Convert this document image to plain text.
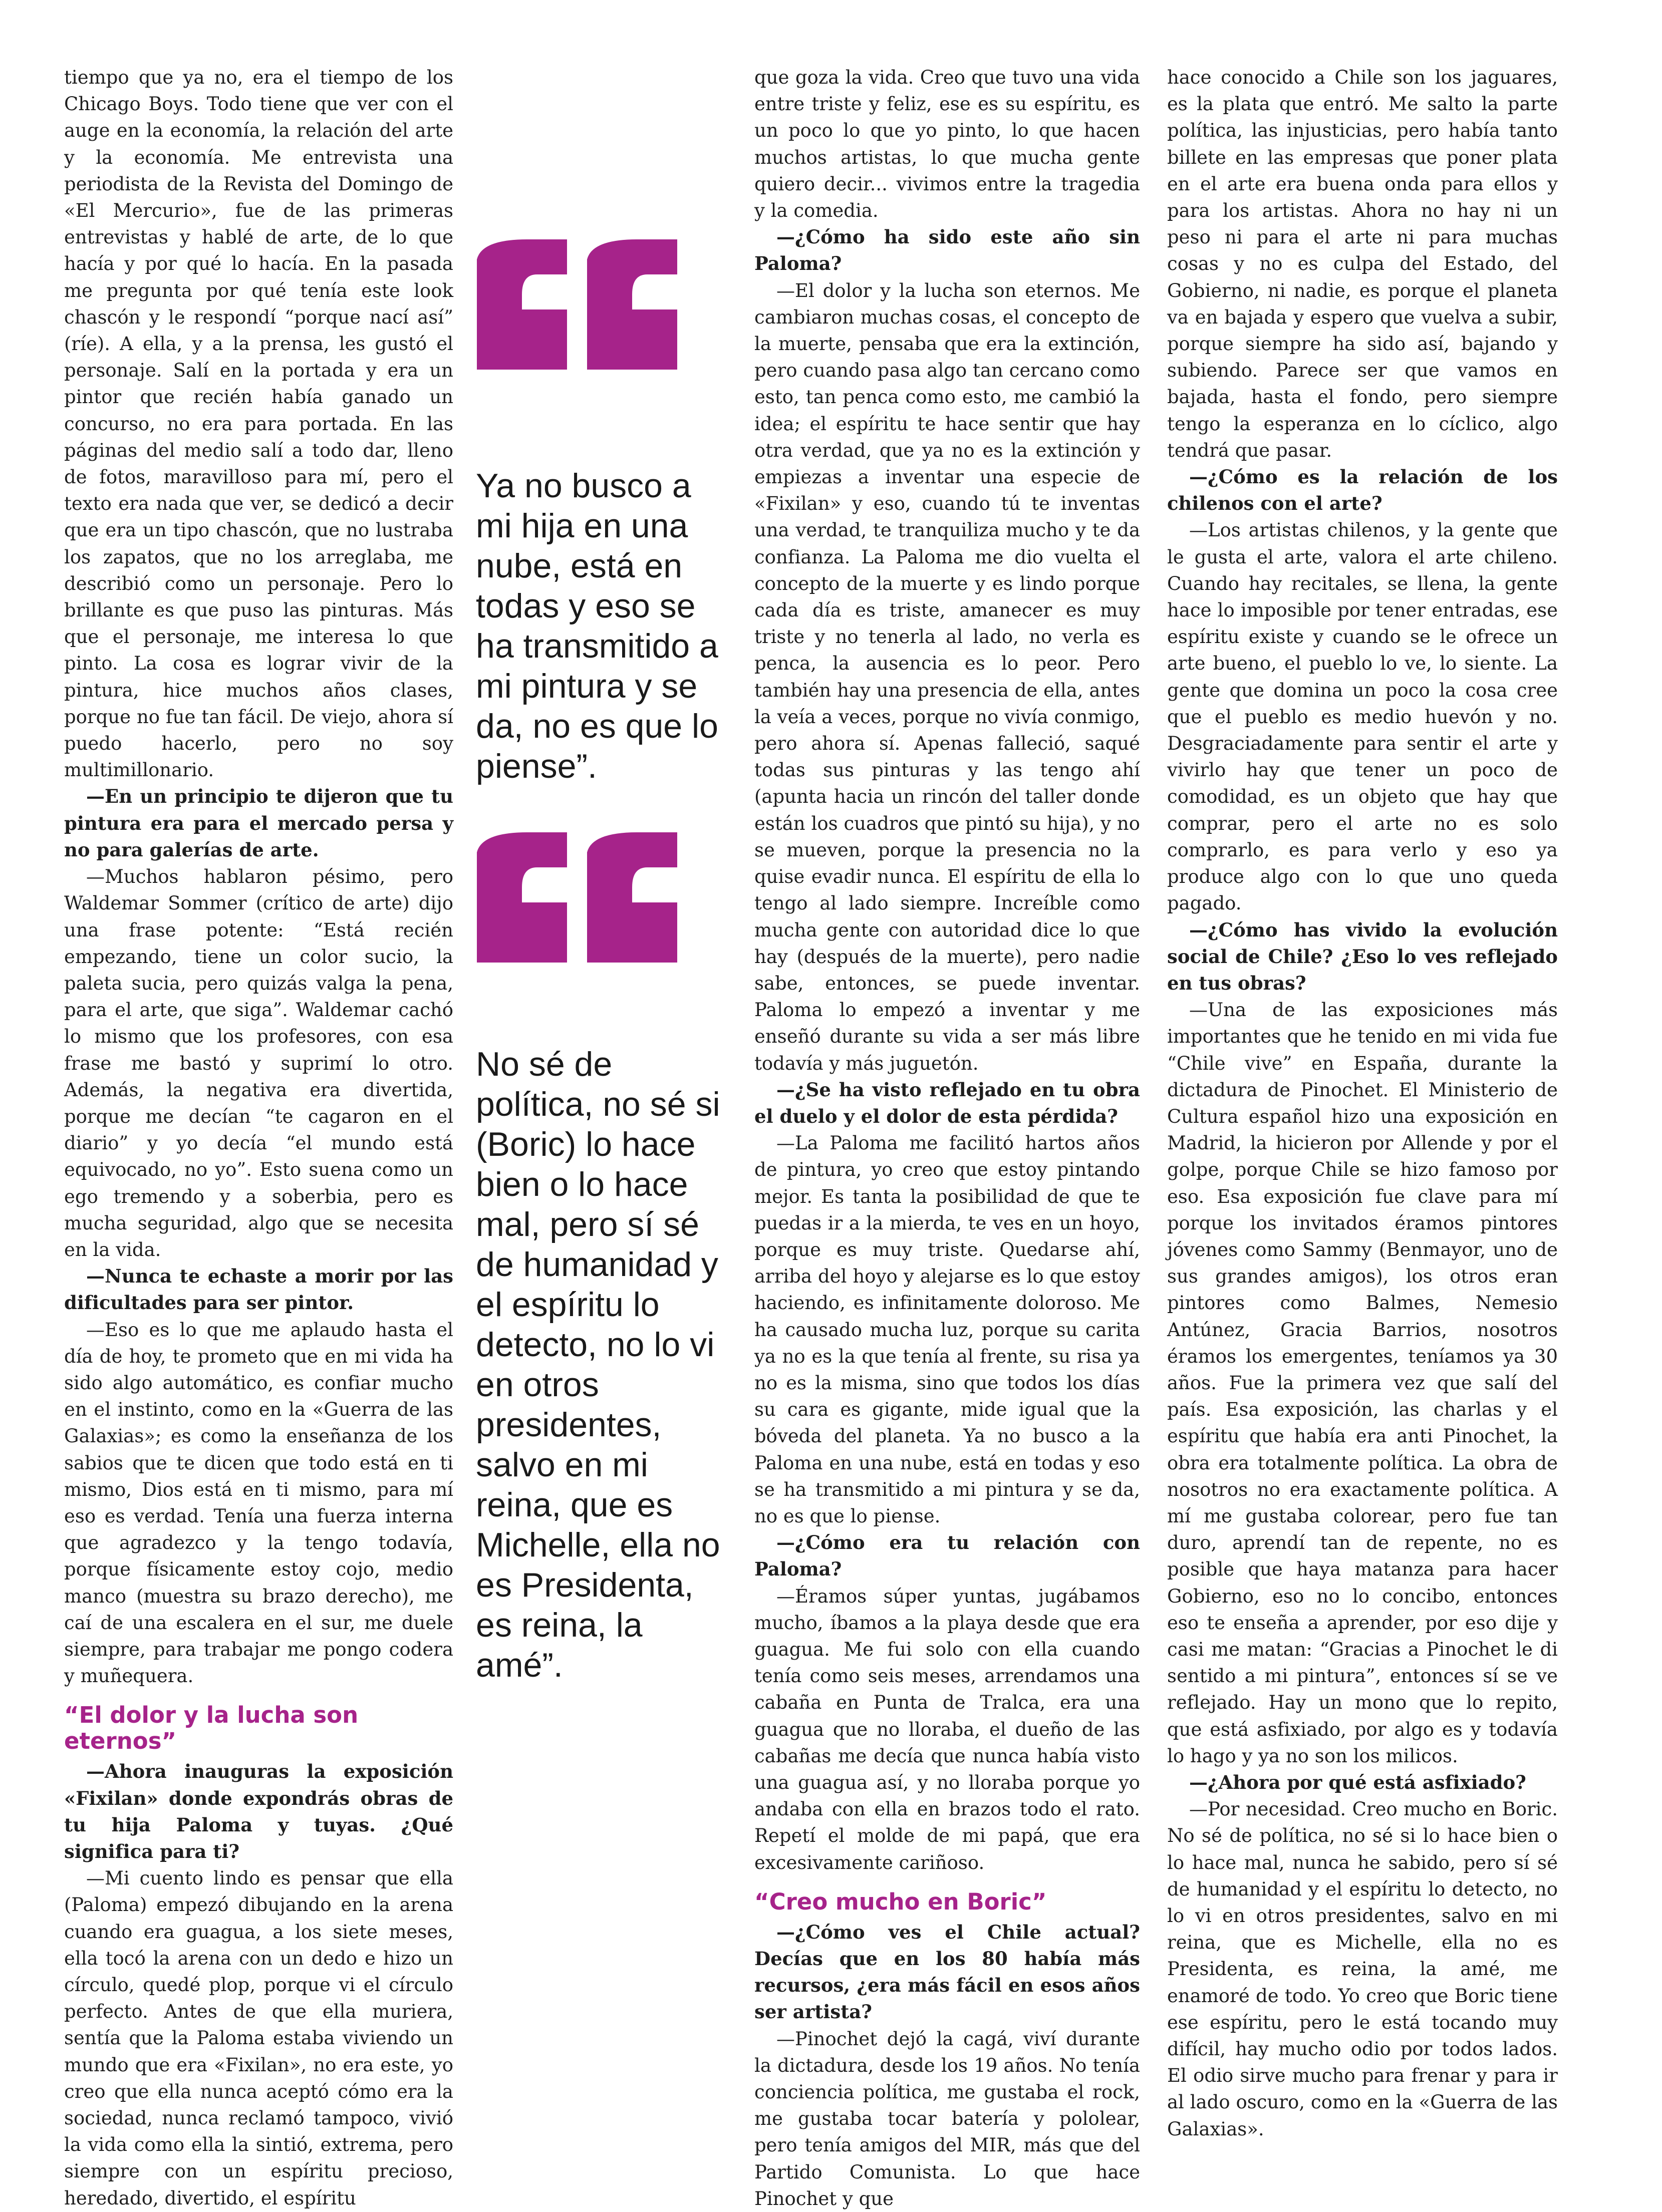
tiempo que ya no, era el tiempo de los Chicago Boys. Todo tiene que ver con el auge en la economía, la relación del arte y la economía. Me entrevista una periodista de la Revista del Domingo de «El Mercurio», fue de las primeras entrevistas y hablé de arte, de lo que hacía y por qué lo hacía. En la pasada me pregunta por qué tenía este look chascón y le respondí “porque nací así” (ríe). A ella, y a la prensa, les gustó el personaje. Salí en la portada y era un pintor que recién había ganado un concurso, no era para portada. En las páginas del medio salí a todo dar, lleno de fotos, maravilloso para mí, pero el texto era nada que ver, se dedicó a decir que era un tipo chascón, que no lustraba los zapatos, que no los arreglaba, me describió como un personaje. Pero lo brillante es que puso las pinturas. Más que el personaje, me interesa lo que pinto. La cosa es lograr vivir de la pintura, hice muchos años clases, porque no fue tan fácil. De viejo, ahora sí puedo hacerlo, pero no soy multimillonario.

—En un principio te dijeron que tu pintura era para el mercado persa y no para galerías de arte.

—Muchos hablaron pésimo, pero Waldemar Sommer (crítico de arte) dijo una frase potente: “Está recién empezando, tiene un color sucio, la paleta sucia, pero quizás valga la pena, para el arte, que siga”. Waldemar cachó lo mismo que los profesores, con esa frase me bastó y suprimí lo otro. Además, la negativa era divertida, porque me decían “te cagaron en el diario” y yo decía “el mundo está equivocado, no yo”. Esto suena como un ego tremendo y a soberbia, pero es mucha seguridad, algo que se necesita en la vida.

—Nunca te echaste a morir por las dificultades para ser pintor.

—Eso es lo que me aplaudo hasta el día de hoy, te prometo que en mi vida ha sido algo automático, es confiar mucho en el instinto, como en la «Guerra de las Galaxias»; es como la enseñanza de los sabios que te dicen que todo está en ti mismo, Dios está en ti mismo, para mí eso es verdad. Tenía una fuerza interna que agradezco y la tengo todavía, porque físicamente estoy cojo, medio manco (muestra su brazo derecho), me caí de una escalera en el sur, me duele siempre, para trabajar me pongo codera y muñequera.

“El dolor y la lucha son eternos”

—Ahora inauguras la exposición «Fixilan» donde expondrás obras de tu hija Paloma y tuyas. ¿Qué significa para ti?

—Mi cuento lindo es pensar que ella (Paloma) empezó dibujando en la arena cuando era guagua, a los siete meses, ella tocó la arena con un dedo e hizo un círculo, quedé plop, porque vi el círculo perfecto. Antes de que ella muriera, sentía que la Paloma estaba viviendo un mundo que era «Fixilan», no era este, yo creo que ella nunca aceptó cómo era la sociedad, nunca reclamó tampoco, vivió la vida como ella la sintió, extrema, pero siempre con un espíritu precioso, heredado, divertido, el espíritu

Ya no busco a mi hija en una nube, está en todas y eso se ha transmitido a mi pintura y se da, no es que lo piense”.
No sé de política, no sé si (Boric) lo hace bien o lo hace mal, pero sí sé de humanidad y el espíritu lo detecto, no lo vi en otros presidentes, salvo en mi reina, que es Michelle, ella no es Presidenta, es reina, la amé”.

que goza la vida. Creo que tuvo una vida entre triste y feliz, ese es su espíritu, es un poco lo que yo pinto, lo que hacen muchos artistas, lo que mucha gente quiero decir... vivimos entre la tragedia y la comedia.

—¿Cómo ha sido este año sin Paloma?

—El dolor y la lucha son eternos. Me cambiaron muchas cosas, el concepto de la muerte, pensaba que era la extinción, pero cuando pasa algo tan cercano como esto, tan penca como esto, me cambió la idea; el espíritu te hace sentir que hay otra verdad, que ya no es la extinción y empiezas a inventar una especie de «Fixilan» y eso, cuando tú te inventas una verdad, te tranquiliza mucho y te da confianza. La Paloma me dio vuelta el concepto de la muerte y es lindo porque cada día es triste, amanecer es muy triste y no tenerla al lado, no verla es penca, la ausencia es lo peor. Pero también hay una presencia de ella, antes la veía a veces, porque no vivía conmigo, pero ahora sí. Apenas falleció, saqué todas sus pinturas y las tengo ahí (apunta hacia un rincón del taller donde están los cuadros que pintó su hija), y no se mueven, porque la presencia no la quise evadir nunca. El espíritu de ella lo tengo al lado siempre. Increíble como mucha gente con autoridad dice lo que hay (después de la muerte), pero nadie sabe, entonces, se puede inventar. Paloma lo empezó a inventar y me enseñó durante su vida a ser más libre todavía y más juguetón.

—¿Se ha visto reflejado en tu obra el duelo y el dolor de esta pérdida?

—La Paloma me facilitó hartos años de pintura, yo creo que estoy pintando mejor. Es tanta la posibilidad de que te puedas ir a la mierda, te ves en un hoyo, porque es muy triste. Quedarse ahí, arriba del hoyo y alejarse es lo que estoy haciendo, es infinitamente doloroso. Me ha causado mucha luz, porque su carita ya no es la que tenía al frente, su risa ya no es la misma, sino que todos los días su cara es gigante, mide igual que la bóveda del planeta. Ya no busco a la Paloma en una nube, está en todas y eso se ha transmitido a mi pintura y se da, no es que lo piense.

—¿Cómo era tu relación con Paloma?

—Éramos súper yuntas, jugábamos mucho, íbamos a la playa desde que era guagua. Me fui solo con ella cuando tenía como seis meses, arrendamos una cabaña en Punta de Tralca, era una guagua que no lloraba, el dueño de las cabañas me decía que nunca había visto una guagua así, y no lloraba porque yo andaba con ella en brazos todo el rato. Repetí el molde de mi papá, que era excesivamente cariñoso.

“Creo mucho en Boric”

—¿Cómo ves el Chile actual? Decías que en los 80 había más recursos, ¿era más fácil en esos años ser artista?

—Pinochet dejó la cagá, viví durante la dictadura, desde los 19 años. No tenía conciencia política, me gustaba el rock, me gustaba tocar batería y pololear, pero tenía amigos del MIR, más que del Partido Comunista. Lo que hace Pinochet y que

hace conocido a Chile son los jaguares, es la plata que entró. Me salto la parte política, las injusticias, pero había tanto billete en las empresas que poner plata en el arte era buena onda para ellos y para los artistas. Ahora no hay ni un peso ni para el arte ni para muchas cosas y no es culpa del Estado, del Gobierno, ni nadie, es porque el planeta va en bajada y espero que vuelva a subir, porque siempre ha sido así, bajando y subiendo. Parece ser que vamos en bajada, hasta el fondo, pero siempre tengo la esperanza en lo cíclico, algo tendrá que pasar.

—¿Cómo es la relación de los chilenos con el arte?

—Los artistas chilenos, y la gente que le gusta el arte, valora el arte chileno. Cuando hay recitales, se llena, la gente hace lo imposible por tener entradas, ese espíritu existe y cuando se le ofrece un arte bueno, el pueblo lo ve, lo siente. La gente que domina un poco la cosa cree que el pueblo es medio huevón y no. Desgraciadamente para sentir el arte y vivirlo hay que tener un poco de comodidad, es un objeto que hay que comprar, pero el arte no es solo comprarlo, es para verlo y eso ya produce algo con lo que uno queda pagado.

—¿Cómo has vivido la evolución social de Chile? ¿Eso lo ves reflejado en tus obras?

—Una de las exposiciones más importantes que he tenido en mi vida fue “Chile vive” en España, durante la dictadura de Pinochet. El Ministerio de Cultura español hizo una exposición en Madrid, la hicieron por Allende y por el golpe, porque Chile se hizo famoso por eso. Esa exposición fue clave para mí porque los invitados éramos pintores jóvenes como Sammy (Benmayor, uno de sus grandes amigos), los otros eran pintores como Balmes, Nemesio Antúnez, Gracia Barrios, nosotros éramos los emergentes, teníamos ya 30 años. Fue la primera vez que salí del país. Esa exposición, las charlas y el espíritu que había era anti Pinochet, la obra era totalmente política. La obra de nosotros no era exactamente política. A mí me gustaba colorear, pero fue tan duro, aprendí tan de repente, no es posible que haya matanza para hacer Gobierno, eso no lo concibo, entonces eso te enseña a aprender, por eso dije y casi me matan: “Gracias a Pinochet le di sentido a mi pintura”, entonces sí se ve reflejado. Hay un mono que lo repito, que está asfixiado, por algo es y todavía lo hago y ya no son los milicos.

—¿Ahora por qué está asfixiado?

—Por necesidad. Creo mucho en Boric. No sé de política, no sé si lo hace bien o lo hace mal, nunca he sabido, pero sí sé de humanidad y el espíritu lo detecto, no lo vi en otros presidentes, salvo en mi reina, que es Michelle, ella no es Presidenta, es reina, la amé, me enamoré de todo. Yo creo que Boric tiene ese espíritu, pero le está tocando muy difícil, hay mucho odio por todos lados. El odio sirve mucho para frenar y para ir al lado oscuro, como en la «Guerra de las Galaxias».
